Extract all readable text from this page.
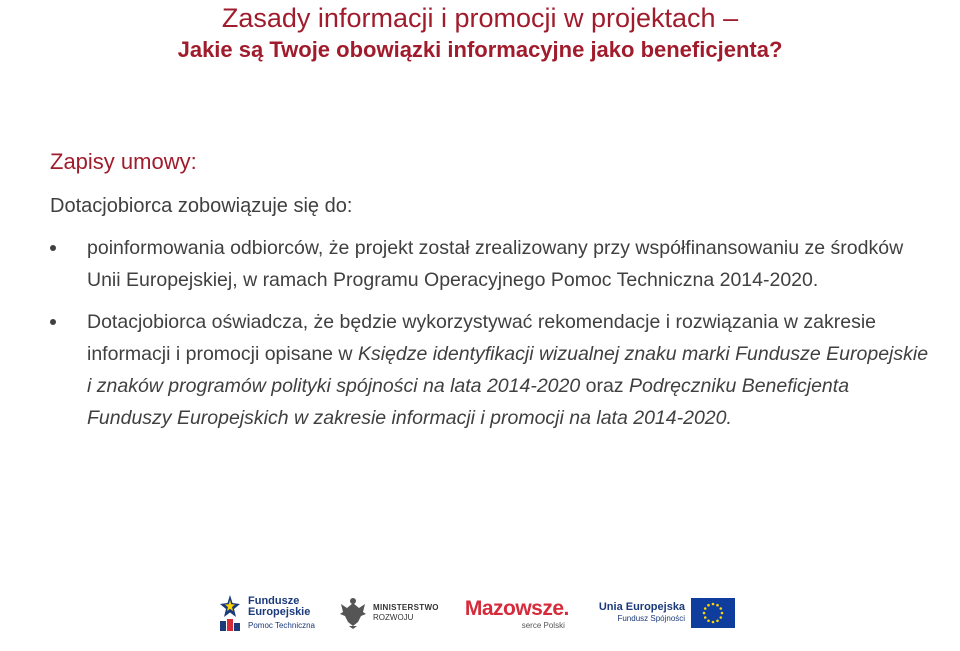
Zasady informacji i promocji w projektach –
Jakie są Twoje obowiązki informacyjne jako beneficjenta?
Zapisy umowy:
Dotacjobiorca zobowiązuje się do:
poinformowania odbiorców, że projekt został zrealizowany przy współfinansowaniu ze środków Unii Europejskiej, w ramach Programu Operacyjnego Pomoc Techniczna 2014-2020.
Dotacjobiorca oświadcza, że będzie wykorzystywać rekomendacje i rozwiązania w zakresie informacji i promocji opisane w Księdze identyfikacji wizualnej znaku marki Fundusze Europejskie i znaków programów polityki spójności na lata 2014-2020 oraz Podręczniku Beneficjenta Funduszy Europejskich w zakresie informacji i promocji na lata 2014-2020.
Fundusze
Europejskie
Pomoc Techniczna
MINISTERSTWO
ROZWOJU	Mazowsze.
serce Polski
Unia Europejska
Fundusz Spójności
